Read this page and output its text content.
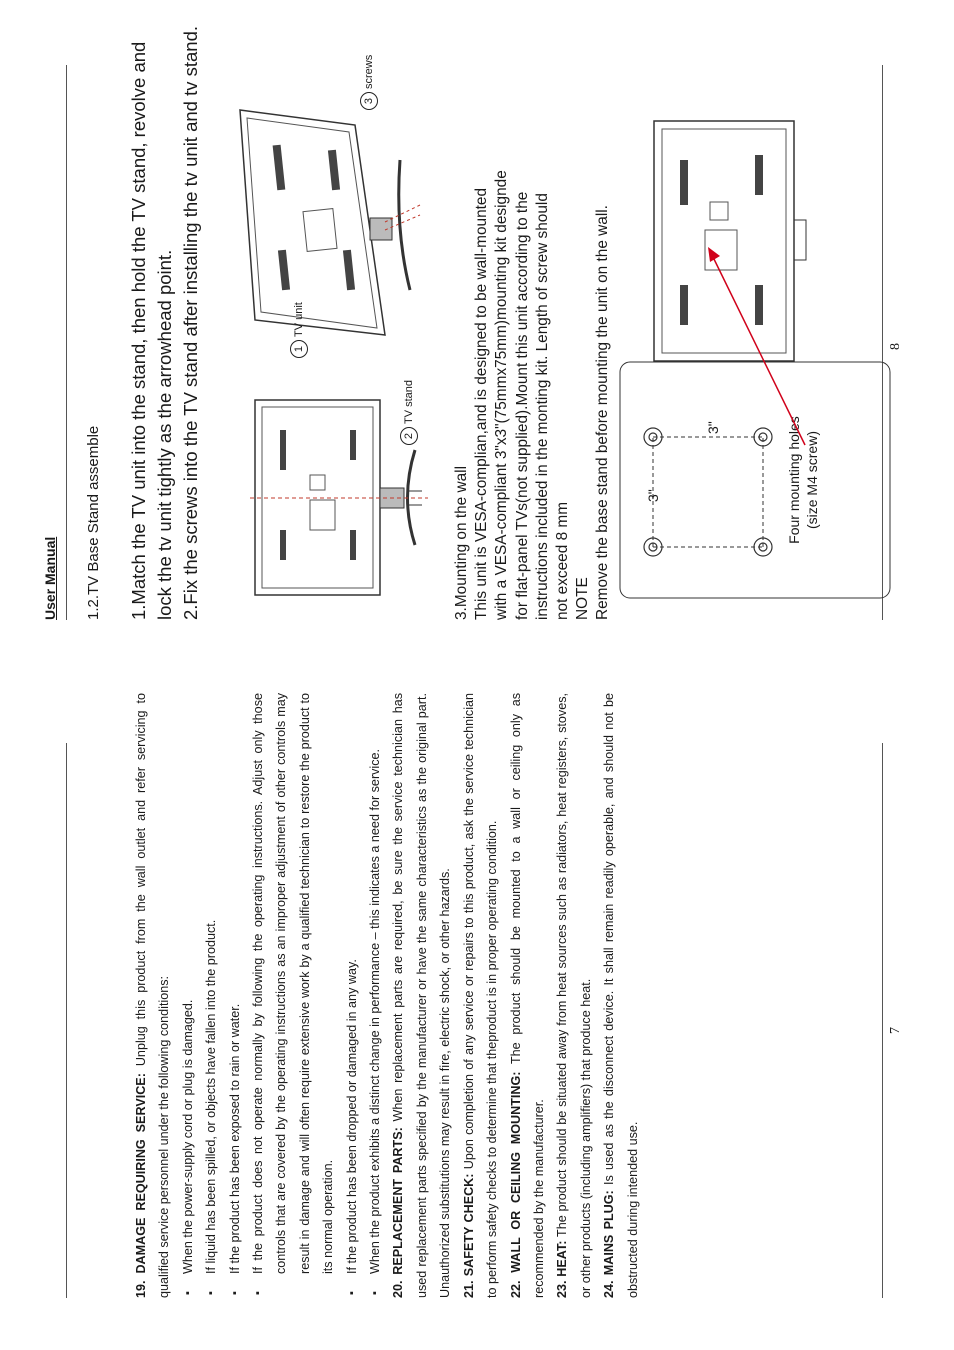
19. DAMAGE REQUIRING SERVICE: Unplug this product from the wall outlet and refer servicing to qualified service personnel under the following conditions: ▪ When the power-supply cord or plug is damaged. ▪ If liquid has been spilled, or objects have fallen into the product. ▪ If the product has been exposed to rain or water. ▪ If the product does not operate normally by following the operating instructions. Adjust only those controls that are covered by the operating instructions as an improper adjustment of other controls may result in damage and will often require extensive work by a qualified technician to restore the product to its normal operation. ▪ If the product has been dropped or damaged in any way. ▪ When the product exhibits a distinct change in performance – this indicates a need for service. 20. REPLACEMENT PARTS: When replacement parts are required, be sure the service technician has used replacement parts specified by the manufacturer or have the same characteristics as the original part. Unauthorized substitutions may result in fire, electric shock, or other hazards. 21. SAFETY CHECK: Upon completion of any service or repairs to this product, ask the service technician to perform safety checks to determine that theproduct is in proper operating condition. 22. WALL OR CEILING MOUNTING: The product should be mounted to a wall or ceiling only as recommended by the manufacturer. 23. HEAT: The product should be situated away from heat sources such as radiators, heat registers, stoves, or other products (including amplifiers) that produce heat. 24. MAINS PLUG: Is used as the disconnect device. It shall remain readily operable, and should not be obstructed during intended use.

7
User Manual 1.2.TV Base Stand assemble 1.Match the TV unit into the stand, then hold the TV stand, revolve and lock the tv unit tightly as the arrowhead point. 2.Fix the screws into the TV stand after installing the tv unit and tv stand.	1
TV unit
2
TV stand
3
screws

3.Mounting on the wall This unit is VESA-complian,and is designed to be wall-mounted with a VESA-compliant 3"x3"(75mmx75mm)mounting kit designde for flat-panel TVs(not supplied).Mount this unit according to the instructions included in the monting kit. Length of screw should not exceed 8 mm NOTE Remove the base stand before mounting the unit on the wall. 3"
3"	Four mounting holes (size M4 screw)
8
